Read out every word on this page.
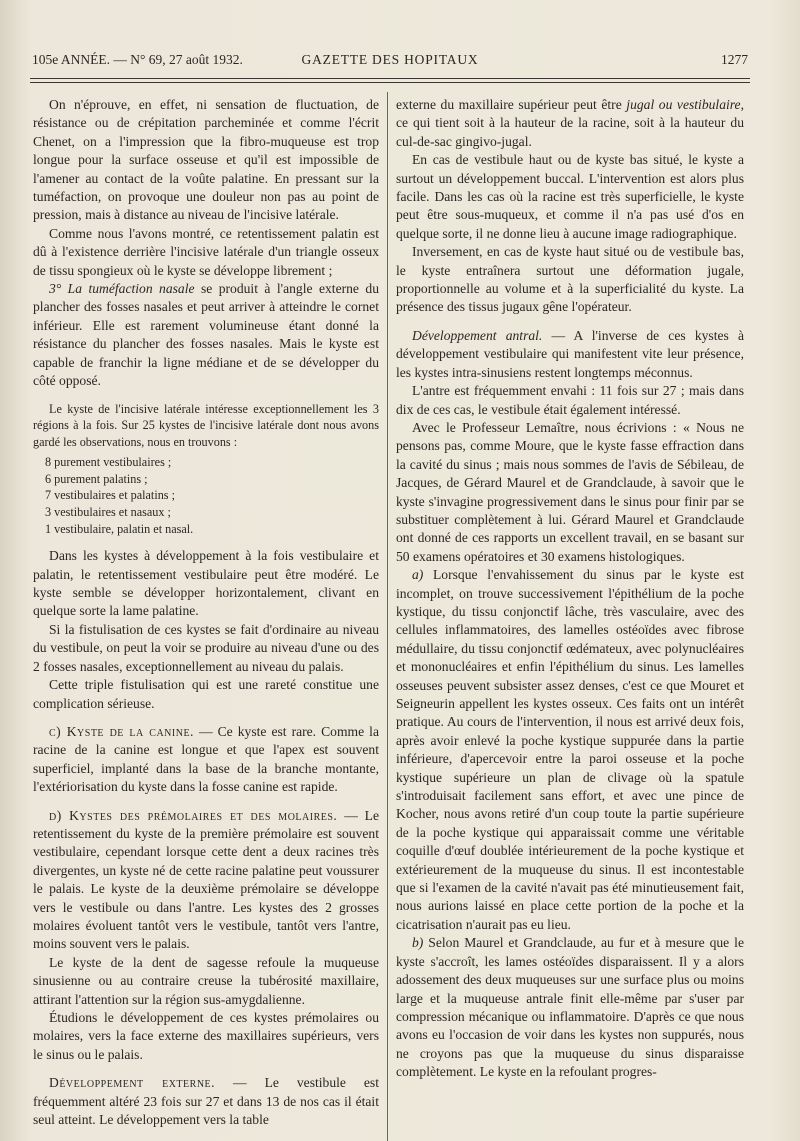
105e ANNÉE. — N° 69, 27 août 1932.	GAZETTE DES HOPITAUX	1277

On n'éprouve, en effet, ni sensation de fluctuation, de résistance ou de crépitation parcheminée et comme l'écrit Chenet, on a l'impression que la fibro-muqueuse est trop longue pour la surface osseuse et qu'il est impossible de l'amener au contact de la voûte palatine. En pressant sur la tuméfaction, on provoque une douleur non pas au point de pression, mais à distance au niveau de l'incisive latérale.

Comme nous l'avons montré, ce retentissement palatin est dû à l'existence derrière l'incisive latérale d'un triangle osseux de tissu spongieux où le kyste se développe librement ;

3° La tuméfaction nasale se produit à l'angle externe du plancher des fosses nasales et peut arriver à atteindre le cornet inférieur. Elle est rarement volumineuse étant donné la résistance du plancher des fosses nasales. Mais le kyste est capable de franchir la ligne médiane et de se développer du côté opposé.

Le kyste de l'incisive latérale intéresse exceptionnellement les 3 régions à la fois. Sur 25 kystes de l'incisive latérale dont nous avons gardé les observations, nous en trouvons :

8 purement vestibulaires ;
6 purement palatins ;
7 vestibulaires et palatins ;
3 vestibulaires et nasaux ;
1 vestibulaire, palatin et nasal.

Dans les kystes à développement à la fois vestibulaire et palatin, le retentissement vestibulaire peut être modéré. Le kyste semble se développer horizontalement, clivant en quelque sorte la lame palatine.

Si la fistulisation de ces kystes se fait d'ordinaire au niveau du vestibule, on peut la voir se produire au niveau d'une ou des 2 fosses nasales, exceptionnellement au niveau du palais.

Cette triple fistulisation qui est une rareté constitue une complication sérieuse.

c) Kyste de la canine. — Ce kyste est rare. Comme la racine de la canine est longue et que l'apex est souvent superficiel, implanté dans la base de la branche montante, l'extériorisation du kyste dans la fosse canine est rapide.

d) Kystes des prémolaires et des molaires. — Le retentissement du kyste de la première prémolaire est souvent vestibulaire, cependant lorsque cette dent a deux racines très divergentes, un kyste né de cette racine palatine peut voussurer le palais. Le kyste de la deuxième prémolaire se développe vers le vestibule ou dans l'antre. Les kystes des 2 grosses molaires évoluent tantôt vers le vestibule, tantôt vers l'antre, moins souvent vers le palais.

Le kyste de la dent de sagesse refoule la muqueuse sinusienne ou au contraire creuse la tubérosité maxillaire, attirant l'attention sur la région sus-amygdalienne.

Étudions le développement de ces kystes prémolaires ou molaires, vers la face externe des maxillaires supérieurs, vers le sinus ou le palais.

Développement externe. — Le vestibule est fréquemment altéré 23 fois sur 27 et dans 13 de nos cas il était seul atteint. Le développement vers la table

externe du maxillaire supérieur peut être jugal ou vestibulaire, ce qui tient soit à la hauteur de la racine, soit à la hauteur du cul-de-sac gingivo-jugal.

En cas de vestibule haut ou de kyste bas situé, le kyste a surtout un développement buccal. L'intervention est alors plus facile. Dans les cas où la racine est très superficielle, le kyste peut être sous-muqueux, et comme il n'a pas usé d'os en quelque sorte, il ne donne lieu à aucune image radiographique.

Inversement, en cas de kyste haut situé ou de vestibule bas, le kyste entraînera surtout une déformation jugale, proportionnelle au volume et à la superficialité du kyste. La présence des tissus jugaux gêne l'opérateur.

Développement antral. — A l'inverse de ces kystes à développement vestibulaire qui manifestent vite leur présence, les kystes intra-sinusiens restent longtemps méconnus.

L'antre est fréquemment envahi : 11 fois sur 27 ; mais dans dix de ces cas, le vestibule était également intéressé.

Avec le Professeur Lemaître, nous écrivions : « Nous ne pensons pas, comme Moure, que le kyste fasse effraction dans la cavité du sinus ; mais nous sommes de l'avis de Sébileau, de Jacques, de Gérard Maurel et de Grandclaude, à savoir que le kyste s'invagine progressivement dans le sinus pour finir par se substituer complètement à lui. Gérard Maurel et Grandclaude ont donné de ces rapports un excellent travail, en se basant sur 50 examens opératoires et 30 examens histologiques.

a) Lorsque l'envahissement du sinus par le kyste est incomplet, on trouve successivement l'épithélium de la poche kystique, du tissu conjonctif lâche, très vasculaire, avec des cellules inflammatoires, des lamelles ostéoïdes avec fibrose médullaire, du tissu conjonctif œdémateux, avec polynucléaires et mononucléaires et enfin l'épithélium du sinus. Les lamelles osseuses peuvent subsister assez denses, c'est ce que Mouret et Seigneurin appellent les kystes osseux. Ces faits ont un intérêt pratique. Au cours de l'intervention, il nous est arrivé deux fois, après avoir enlevé la poche kystique suppurée dans la partie inférieure, d'apercevoir entre la paroi osseuse et la poche kystique supérieure un plan de clivage où la spatule s'introduisait facilement sans effort, et avec une pince de Kocher, nous avons retiré d'un coup toute la partie supérieure de la poche kystique qui apparaissait comme une véritable coquille d'œuf doublée intérieurement de la poche kystique et extérieurement de la muqueuse du sinus. Il est incontestable que si l'examen de la cavité n'avait pas été minutieusement fait, nous aurions laissé en place cette portion de la poche et la cicatrisation n'aurait pas eu lieu.

b) Selon Maurel et Grandclaude, au fur et à mesure que le kyste s'accroît, les lames ostéoïdes disparaissent. Il y a alors adossement des deux muqueuses sur une surface plus ou moins large et la muqueuse antrale finit elle-même par s'user par compression mécanique ou inflammatoire. D'après ce que nous avons eu l'occasion de voir dans les kystes non suppurés, nous ne croyons pas que la muqueuse du sinus disparaisse complètement. Le kyste en la refoulant progres-
